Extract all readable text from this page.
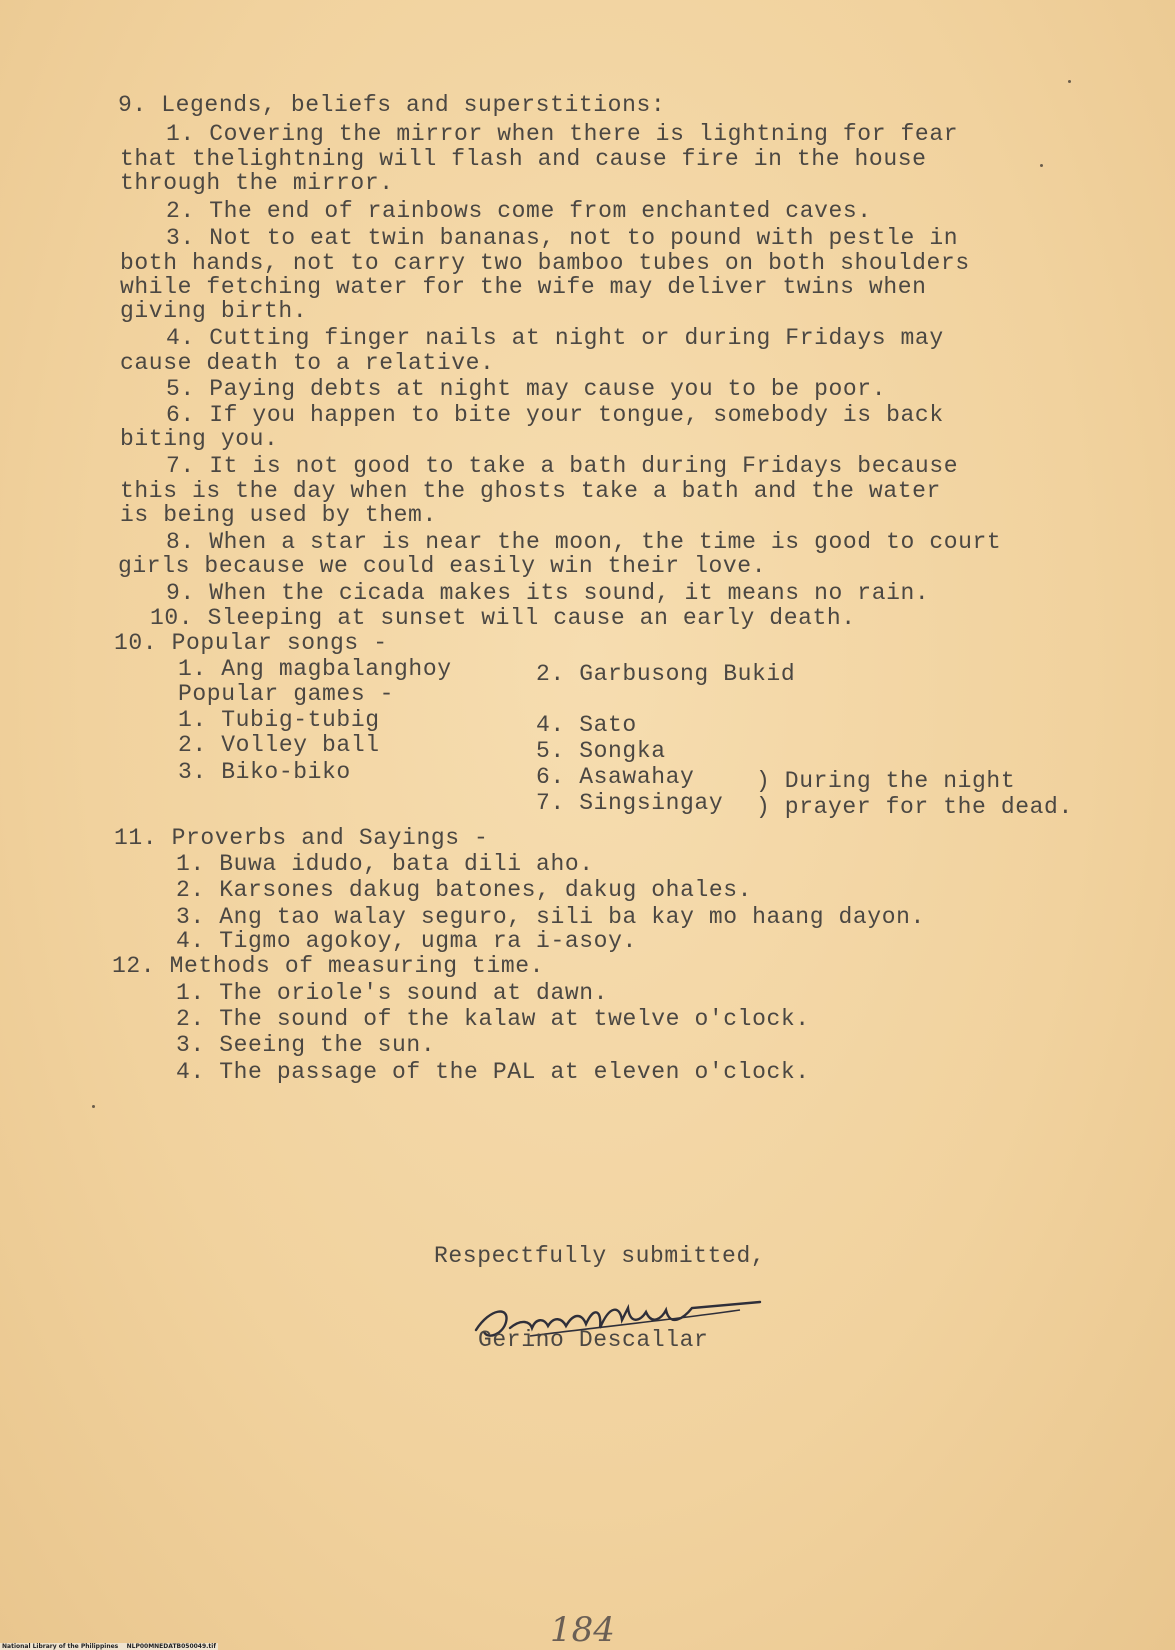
9. Legends, beliefs and superstitions:
1. Covering the mirror when there is lightning for fear
that thelightning will flash and cause fire in the house
through the mirror.
2. The end of rainbows come from enchanted caves.
3. Not to eat twin bananas, not to pound with pestle in
both hands, not to carry two bamboo tubes on both shoulders
while fetching water for the wife may deliver twins when
giving birth.
4. Cutting finger nails at night or during Fridays may
cause death to a relative.
5. Paying debts at night may cause you to be poor.
6. If you happen to bite your tongue, somebody is back
biting you.
7. It is not good to take a bath during Fridays because
this is the day when the ghosts take a bath and the water
is being used by them.
8. When a star is near the moon, the time is good to court
girls because we could easily win their love.
9. When the cicada makes its sound, it means no rain.
10. Sleeping at sunset will cause an early death.
10. Popular songs -
1. Ang magbalanghoy	2. Garbusong Bukid
Popular games -
1. Tubig-tubig	4. Sato
2. Volley ball	5. Songka
3. Biko-biko	6. Asawahay	) During the night
7. Singsingay ) prayer for the dead.
11. Proverbs and Sayings -
1. Buwa idudo, bata dili aho.
2. Karsones dakug batones, dakug ohales.
3. Ang tao walay seguro, sili ba kay mo haang dayon.
4. Tigmo agokoy, ugma ra i-asoy.
12. Methods of measuring time.
1. The oriole's sound at dawn.
2. The sound of the kalaw at twelve o'clock.
3. Seeing the sun.
4. The passage of the PAL at eleven o'clock.
Respectfully submitted,
Gerino Descallar
184
National Library of the Philippines    NLP00MNEDATB050049.tif
